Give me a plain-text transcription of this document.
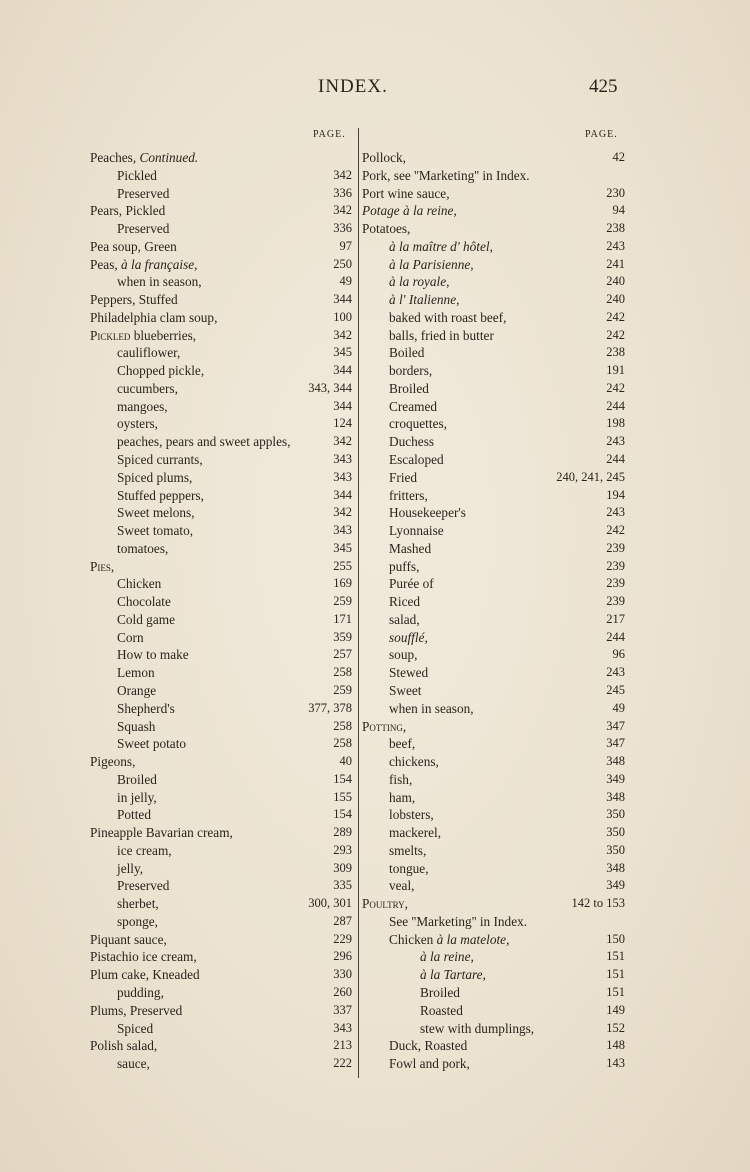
INDEX.	425
PAGE.	PAGE.
Peaches, Continued.
Pickled	342
Preserved	336
Pears, Pickled	342
Preserved	336
Pea soup, Green	97
Peas, à la française,	250
when in season,	49
Peppers, Stuffed	344
Philadelphia clam soup,	100
Pickled blueberries,	342
cauliflower,	345
Chopped pickle,	344
cucumbers,	343, 344
mangoes,	344
oysters,	124
peaches, pears and sweet apples,	342
Spiced currants,	343
Spiced plums,	343
Stuffed peppers,	344
Sweet melons,	342
Sweet tomato,	343
tomatoes,	345
Pies,	255
Chicken	169
Chocolate	259
Cold game	171
Corn	359
How to make	257
Lemon	258
Orange	259
Shepherd's	377, 378
Squash	258
Sweet potato	258
Pigeons,	40
Broiled	154
in jelly,	155
Potted	154
Pineapple Bavarian cream,	289
ice cream,	293
jelly,	309
Preserved	335
sherbet,	300, 301
sponge,	287
Piquant sauce,	229
Pistachio ice cream,	296
Plum cake, Kneaded	330
pudding,	260
Plums, Preserved	337
Spiced	343
Polish salad,	213
sauce,	222
Pollock,	42
Pork, see ''Marketing'' in Index.
Port wine sauce,	230
Potage à la reine,	94
Potatoes,	238
à la maître d' hôtel,	243
à la Parisienne,	241
à la royale,	240
à l' Italienne,	240
baked with roast beef,	242
balls, fried in butter	242
Boiled	238
borders,	191
Broiled	242
Creamed	244
croquettes,	198
Duchess	243
Escaloped	244
Fried	240, 241, 245
fritters,	194
Housekeeper's	243
Lyonnaise	242
Mashed	239
puffs,	239
Purée of	239
Riced	239
salad,	217
soufflé,	244
soup,	96
Stewed	243
Sweet	245
when in season,	49
Potting,	347
beef,	347
chickens,	348
fish,	349
ham,	348
lobsters,	350
mackerel,	350
smelts,	350
tongue,	348
veal,	349
Poultry,	142 to 153
See ''Marketing'' in Index.
Chicken à la matelote,	150
à la reine,	151
à la Tartare,	151
Broiled	151
Roasted	149
stew with dumplings,	152
Duck, Roasted	148
Fowl and pork,	143
